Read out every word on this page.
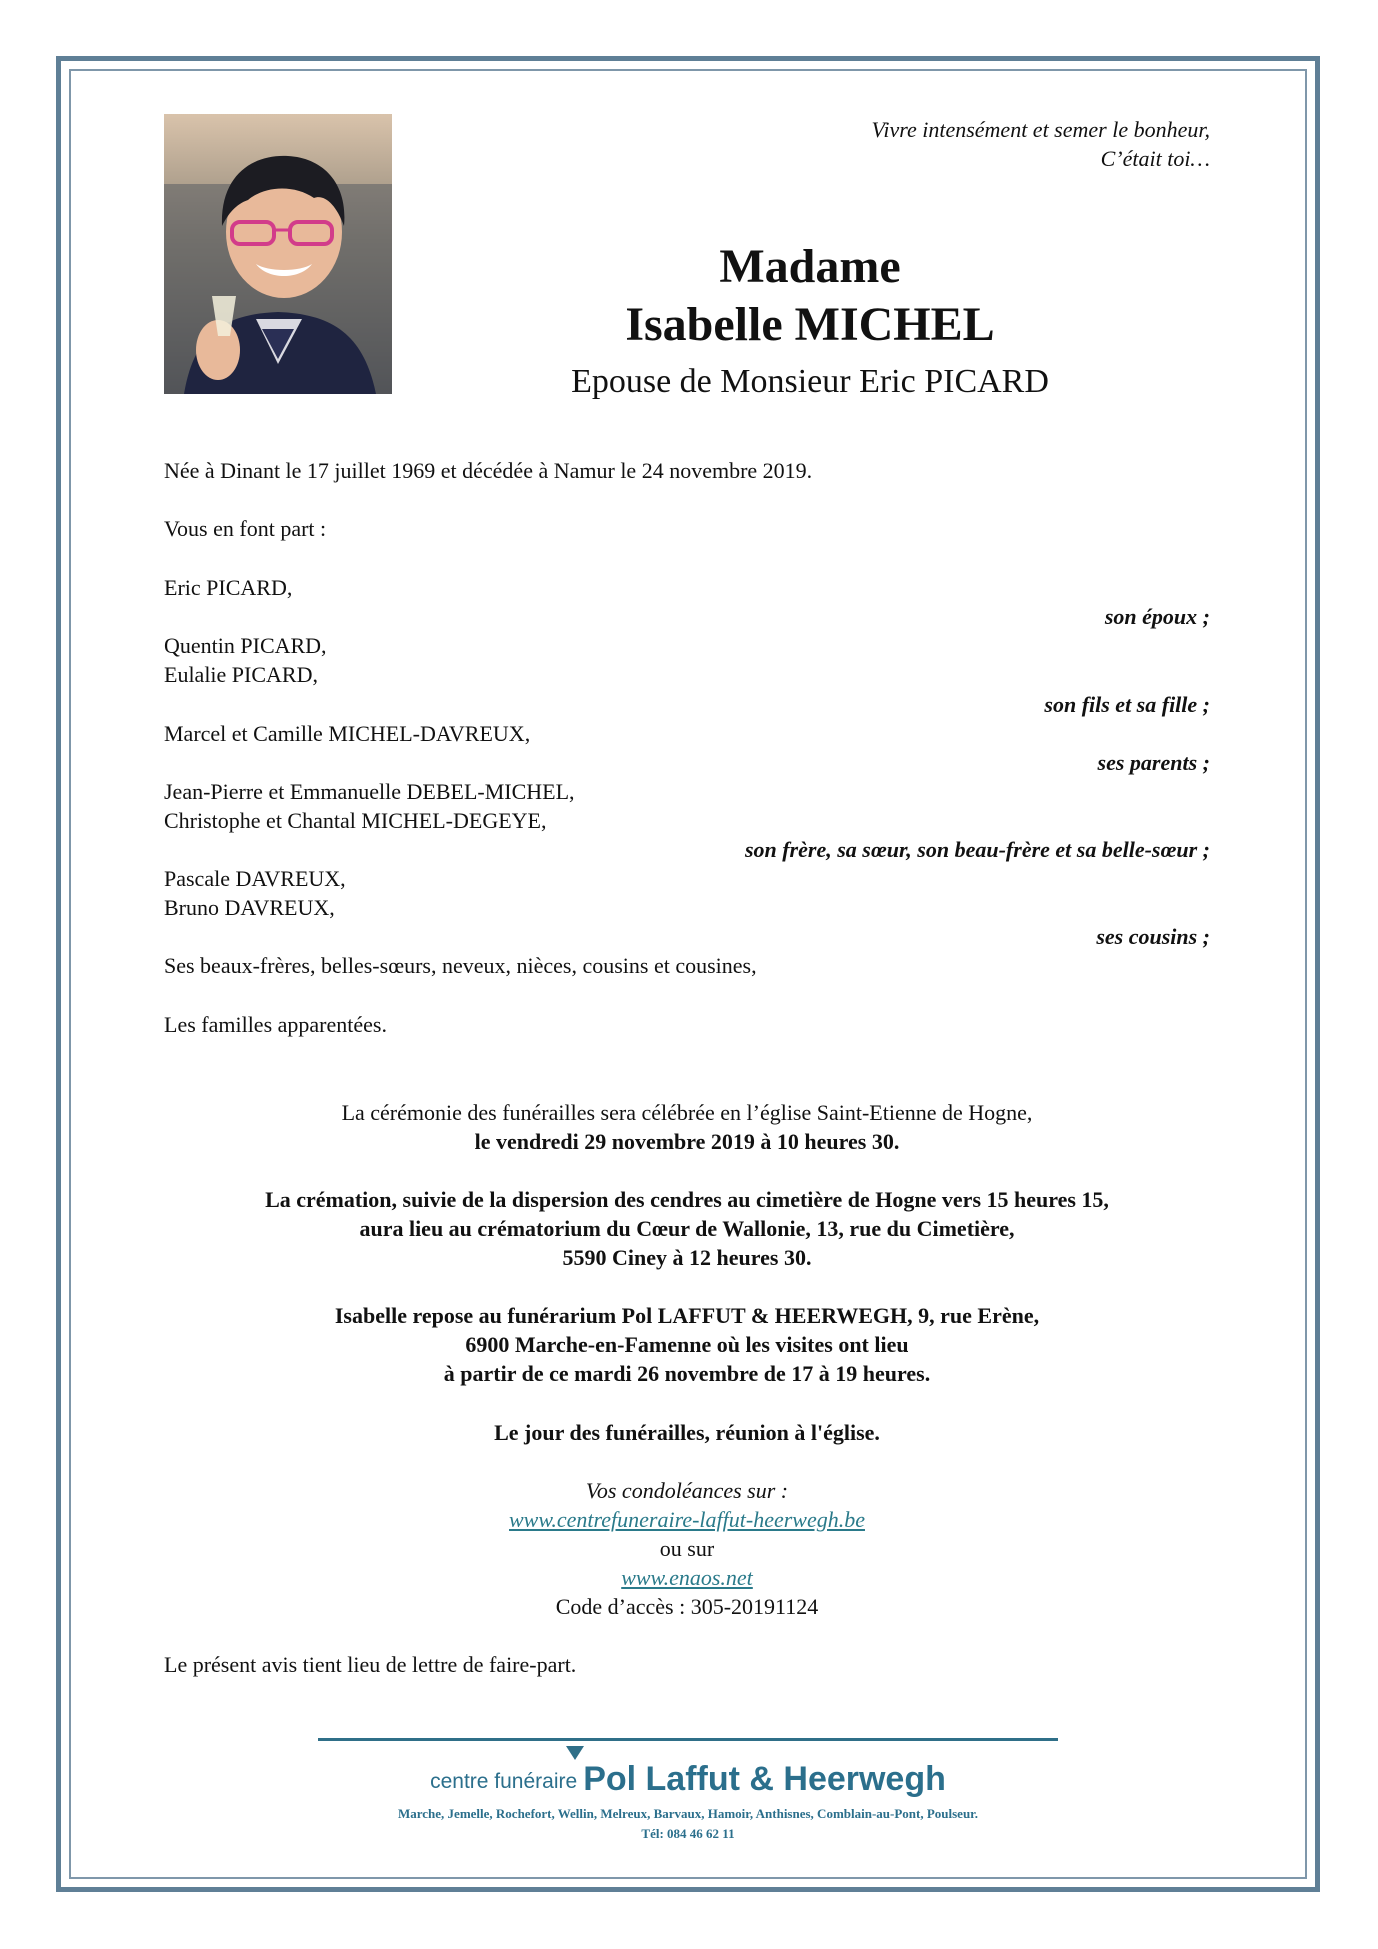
Vivre intensément et semer le bonheur,
C’était toi…
Madame
Isabelle MICHEL
Epouse de Monsieur Eric PICARD
Née à Dinant le 17 juillet 1969 et décédée à Namur le 24 novembre 2019.
Vous en font part :
Eric PICARD,
son époux ;
Quentin PICARD,
Eulalie PICARD,
son fils et sa fille ;
Marcel et Camille MICHEL-DAVREUX,
ses parents ;
Jean-Pierre et Emmanuelle DEBEL-MICHEL,
Christophe et Chantal MICHEL-DEGEYE,
son frère, sa sœur, son beau-frère et sa belle-sœur ;
Pascale DAVREUX,
Bruno DAVREUX,
ses cousins ;
Ses beaux-frères, belles-sœurs, neveux, nièces, cousins et cousines,
Les familles apparentées.
La cérémonie des funérailles sera célébrée en l’église Saint-Etienne de Hogne,
le vendredi 29 novembre 2019 à 10 heures 30.
La crémation, suivie de la dispersion des cendres au cimetière de Hogne vers 15 heures 15,
aura lieu au crématorium du Cœur de Wallonie, 13, rue du Cimetière,
5590 Ciney à 12 heures 30.
Isabelle repose au funérarium Pol LAFFUT & HEERWEGH, 9, rue Erène,
6900 Marche-en-Famenne où les visites ont lieu
à partir de ce mardi 26 novembre de 17 à 19 heures.
Le jour des funérailles, réunion à l'église.
Vos condoléances sur :
www.centrefuneraire-laffut-heerwegh.be
ou sur
www.enaos.net
Code d’accès : 305-20191124
Le présent avis tient lieu de lettre de faire-part.
centre funéraire Pol Laffut & Heerwegh
Marche, Jemelle, Rochefort, Wellin, Melreux, Barvaux, Hamoir, Anthisnes, Comblain-au-Pont, Poulseur.
Tél: 084 46 62 11
